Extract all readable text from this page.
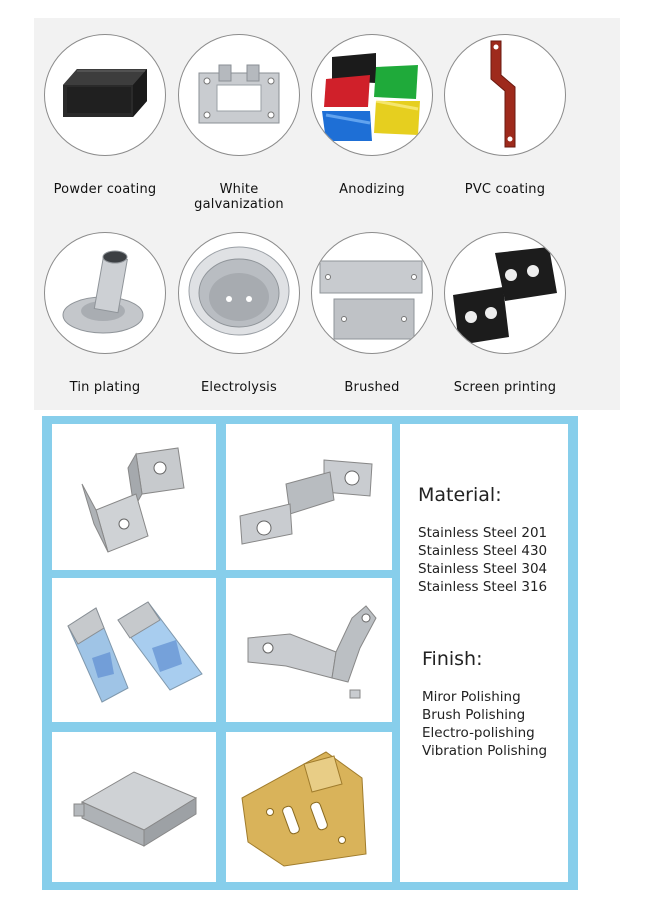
Powder coating	White galvanization
Anodizing	PVC coating
Tin plating	Electrolysis	Brushed	Screen printing
Material:
Stainless Steel 201
Stainless Steel 430
Stainless Steel 304
Stainless Steel 316
Finish:
Miror Polishing
Brush Polishing
Electro-polishing
Vibration Polishing
